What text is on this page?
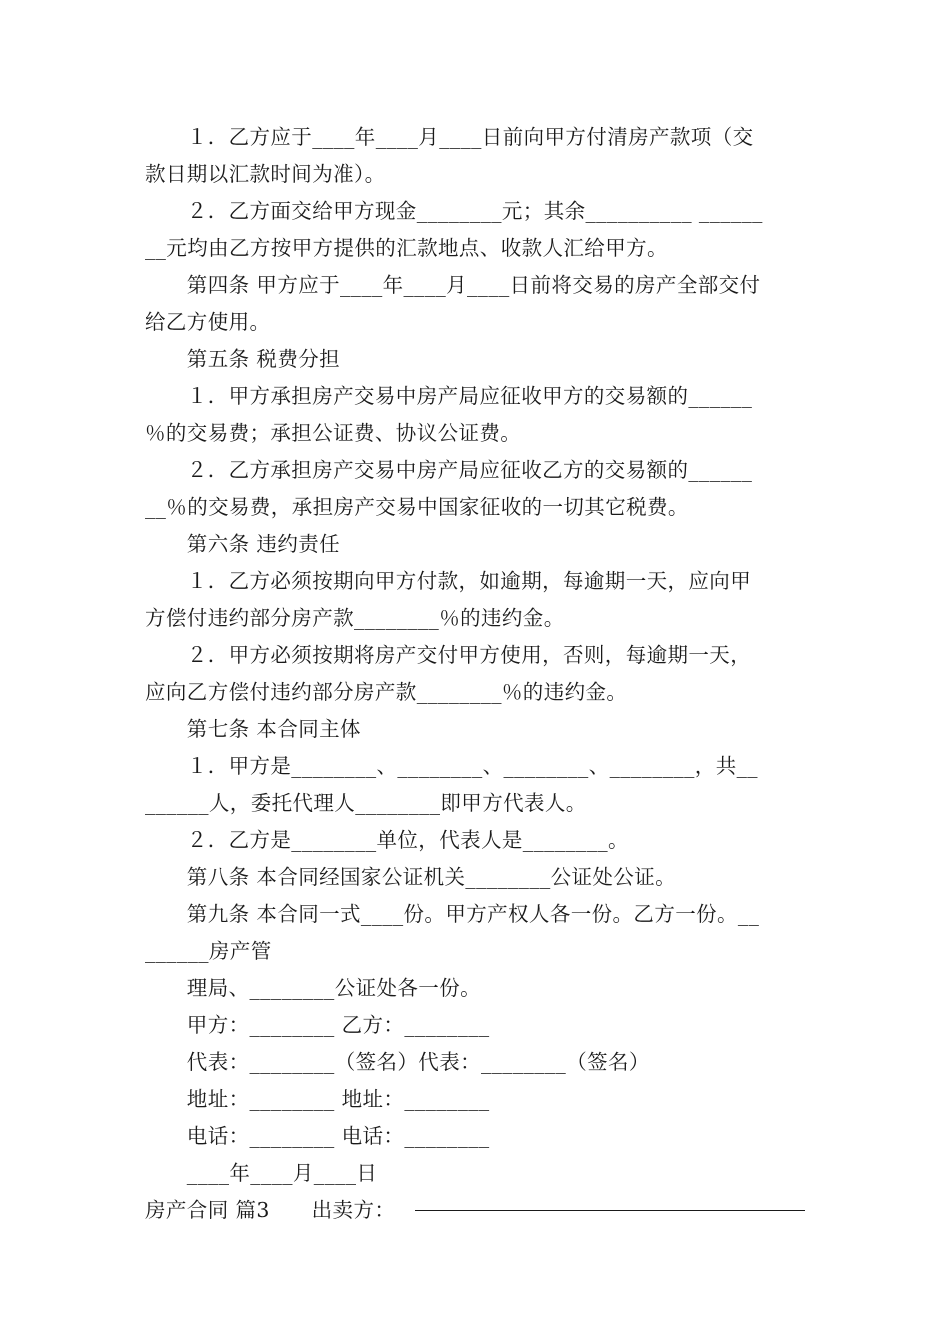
　　１．乙方应于____年____月____日前向甲方付清房产款项（交
款日期以汇款时间为准）。
　　２．乙方面交给甲方现金________元；其余__________ ______
__元均由乙方按甲方提供的汇款地点、收款人汇给甲方。
　　第四条 甲方应于____年____月____日前将交易的房产全部交付
给乙方使用。
　　第五条 税费分担
　　１．甲方承担房产交易中房产局应征收甲方的交易额的______
％的交易费；承担公证费、协议公证费。
　　２．乙方承担房产交易中房产局应征收乙方的交易额的______
__％的交易费，承担房产交易中国家征收的一切其它税费。
　　第六条 违约责任
　　１．乙方必须按期向甲方付款，如逾期，每逾期一天，应向甲
方偿付违约部分房产款________％的违约金。
　　２．甲方必须按期将房产交付甲方使用，否则，每逾期一天，
应向乙方偿付违约部分房产款________％的违约金。
　　第七条 本合同主体
　　１．甲方是________、________、________、________，共__
______人，委托代理人________即甲方代表人。
　　２．乙方是________单位，代表人是________。
　　第八条 本合同经国家公证机关________公证处公证。
　　第九条 本合同一式____份。甲方产权人各一份。乙方一份。__
______房产管
　　理局、________公证处各一份。
　　甲方：________ 乙方：________
　　代表：________（签名）代表：________（签名）
　　地址：________ 地址：________
　　电话：________ 电话：________
　　____年____月____日
房产合同 篇3　　出卖方：
